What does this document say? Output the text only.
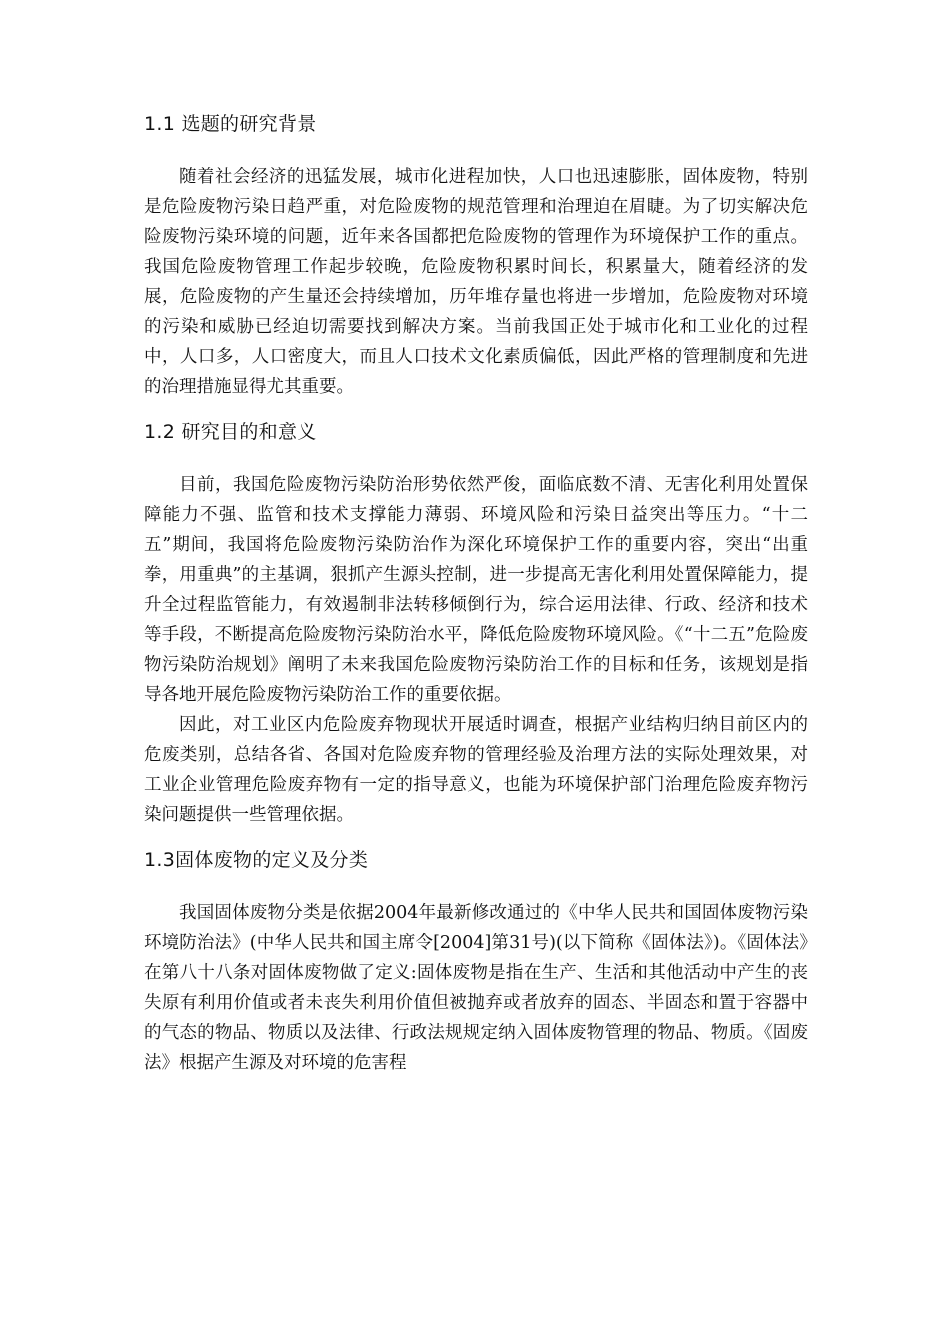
1.1 选题的研究背景

随着社会经济的迅猛发展，城市化进程加快，人口也迅速膨胀，固体废物，特别是危险废物污染日趋严重，对危险废物的规范管理和治理迫在眉睫。为了切实解决危险废物污染环境的问题，近年来各国都把危险废物的管理作为环境保护工作的重点。我国危险废物管理工作起步较晚，危险废物积累时间长，积累量大，随着经济的发展，危险废物的产生量还会持续增加，历年堆存量也将进一步增加，危险废物对环境的污染和威胁已经迫切需要找到解决方案。当前我国正处于城市化和工业化的过程中，人口多，人口密度大，而且人口技术文化素质偏低，因此严格的管理制度和先进的治理措施显得尤其重要。

1.2 研究目的和意义

目前，我国危险废物污染防治形势依然严俊，面临底数不清、无害化利用处置保障能力不强、监管和技术支撑能力薄弱、环境风险和污染日益突出等压力。“十二五”期间，我国将危险废物污染防治作为深化环境保护工作的重要内容，突出“出重拳，用重典”的主基调，狠抓产生源头控制，进一步提高无害化利用处置保障能力，提升全过程监管能力，有效遏制非法转移倾倒行为，综合运用法律、行政、经济和技术等手段，不断提高危险废物污染防治水平，降低危险废物环境风险。《“十二五”危险废物污染防治规划》阐明了未来我国危险废物污染防治工作的目标和任务，该规划是指导各地开展危险废物污染防治工作的重要依据。

因此，对工业区内危险废弃物现状开展适时调查，根据产业结构归纳目前区内的危废类别，总结各省、各国对危险废弃物的管理经验及治理方法的实际处理效果，对工业企业管理危险废弃物有一定的指导意义，也能为环境保护部门治理危险废弃物污染问题提供一些管理依据。

1.3固体废物的定义及分类

我国固体废物分类是依据2004年最新修改通过的《中华人民共和国固体废物污染环境防治法》(中华人民共和国主席令[2004]第31号)(以下简称《固体法》)。《固体法》在第八十八条对固体废物做了定义:固体废物是指在生产、生活和其他活动中产生的丧失原有利用价值或者未丧失利用价值但被抛弃或者放弃的固态、半固态和置于容器中的气态的物品、物质以及法律、行政法规规定纳入固体废物管理的物品、物质。《固废法》根据产生源及对环境的危害程
